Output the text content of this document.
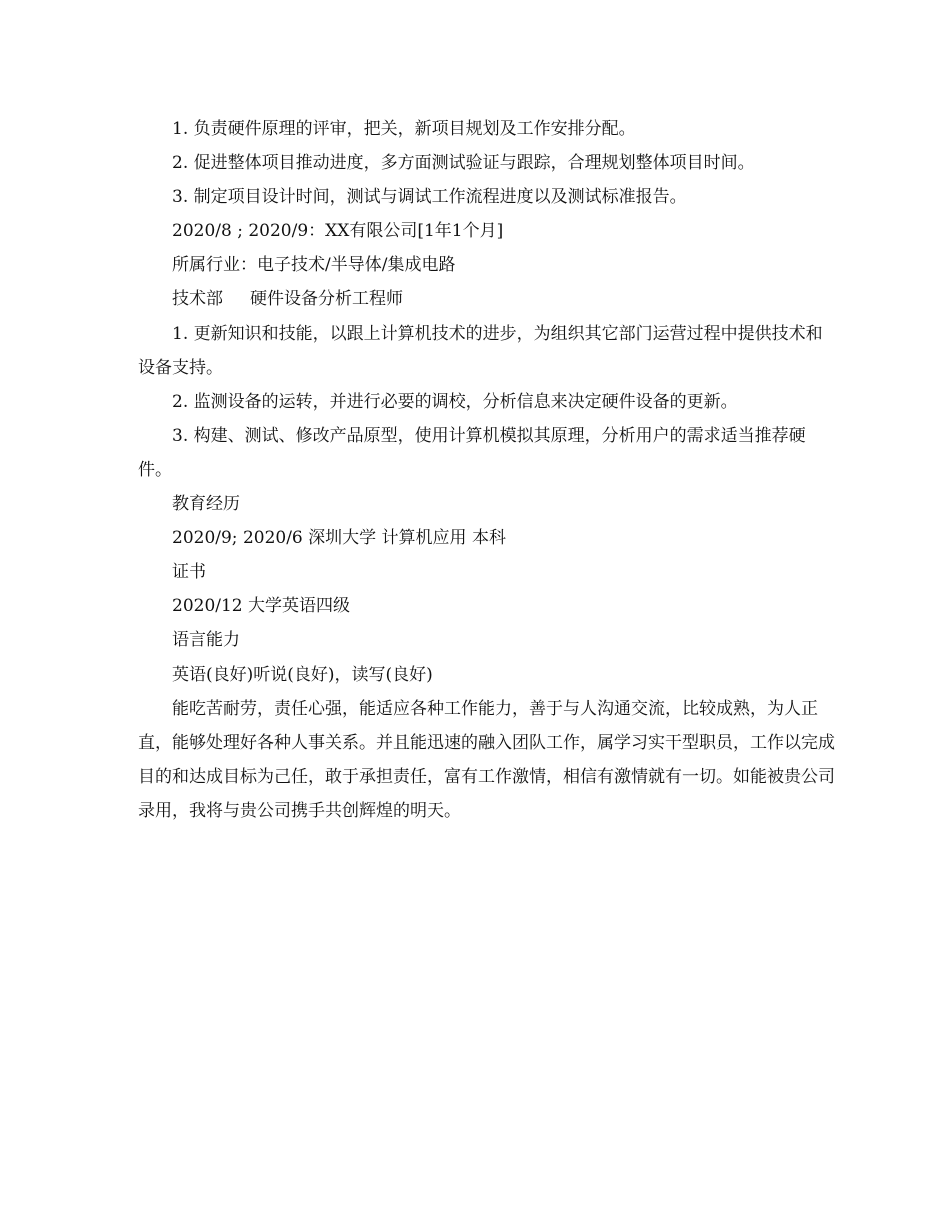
1. 负责硬件原理的评审，把关，新项目规划及工作安排分配。

2. 促进整体项目推动进度，多方面测试验证与跟踪，合理规划整体项目时间。

3. 制定项目设计时间，测试与调试工作流程进度以及测试标准报告。

2020/8 ; 2020/9：XX有限公司[1年1个月]

所属行业：电子技术/半导体/集成电路

技术部     硬件设备分析工程师

1. 更新知识和技能，以跟上计算机技术的进步，为组织其它部门运营过程中提供技术和设备支持。

2. 监测设备的运转，并进行必要的调校，分析信息来决定硬件设备的更新。

3. 构建、测试、修改产品原型，使用计算机模拟其原理，分析用户的需求适当推荐硬件。

教育经历

2020/9; 2020/6 深圳大学 计算机应用 本科

证书

2020/12 大学英语四级

语言能力

英语(良好)听说(良好)，读写(良好)

能吃苦耐劳，责任心强，能适应各种工作能力，善于与人沟通交流，比较成熟，为人正直，能够处理好各种人事关系。并且能迅速的融入团队工作，属学习实干型职员，工作以完成目的和达成目标为己任，敢于承担责任，富有工作激情，相信有激情就有一切。如能被贵公司录用，我将与贵公司携手共创辉煌的明天。
